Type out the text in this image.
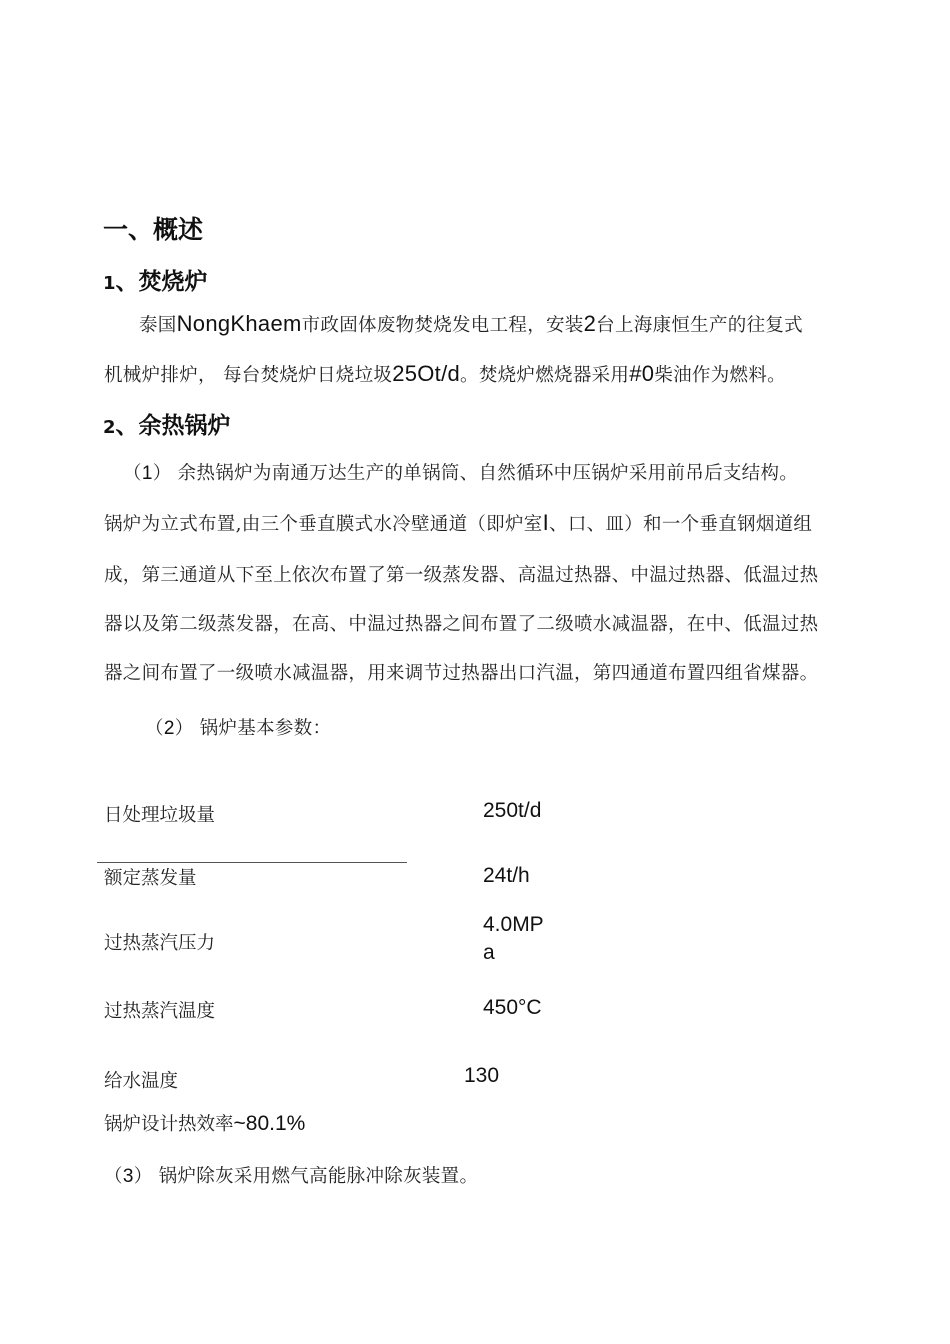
一、概述
1、焚烧炉
泰国NongKhaem市政固体废物焚烧发电工程，安装2台上海康恒生产的往复式
机械炉排炉， 每台焚烧炉日烧垃圾25Ot/d。焚烧炉燃烧器采用#0柴油作为燃料。
2、余热锅炉
（1） 余热锅炉为南通万达生产的单锅筒、自然循环中压锅炉采用前吊后支结构。
锅炉为立式布置,由三个垂直膜式水冷壁通道（即炉室I、口、皿）和一个垂直钢烟道组
成，第三通道从下至上依次布置了第一级蒸发器、高温过热器、中温过热器、低温过热
器以及第二级蒸发器，在高、中温过热器之间布置了二级喷水减温器，在中、低温过热
器之间布置了一级喷水减温器，用来调节过热器出口汽温，第四通道布置四组省煤器。
（2） 锅炉基本参数：
日处理垃圾量	250t/d
额定蒸发量	24t/h
过热蒸汽压力
4.0MP
a
过热蒸汽温度	450°C
给水温度	130
锅炉设计热效率~80.1%
（3） 锅炉除灰采用燃气高能脉冲除灰装置。
